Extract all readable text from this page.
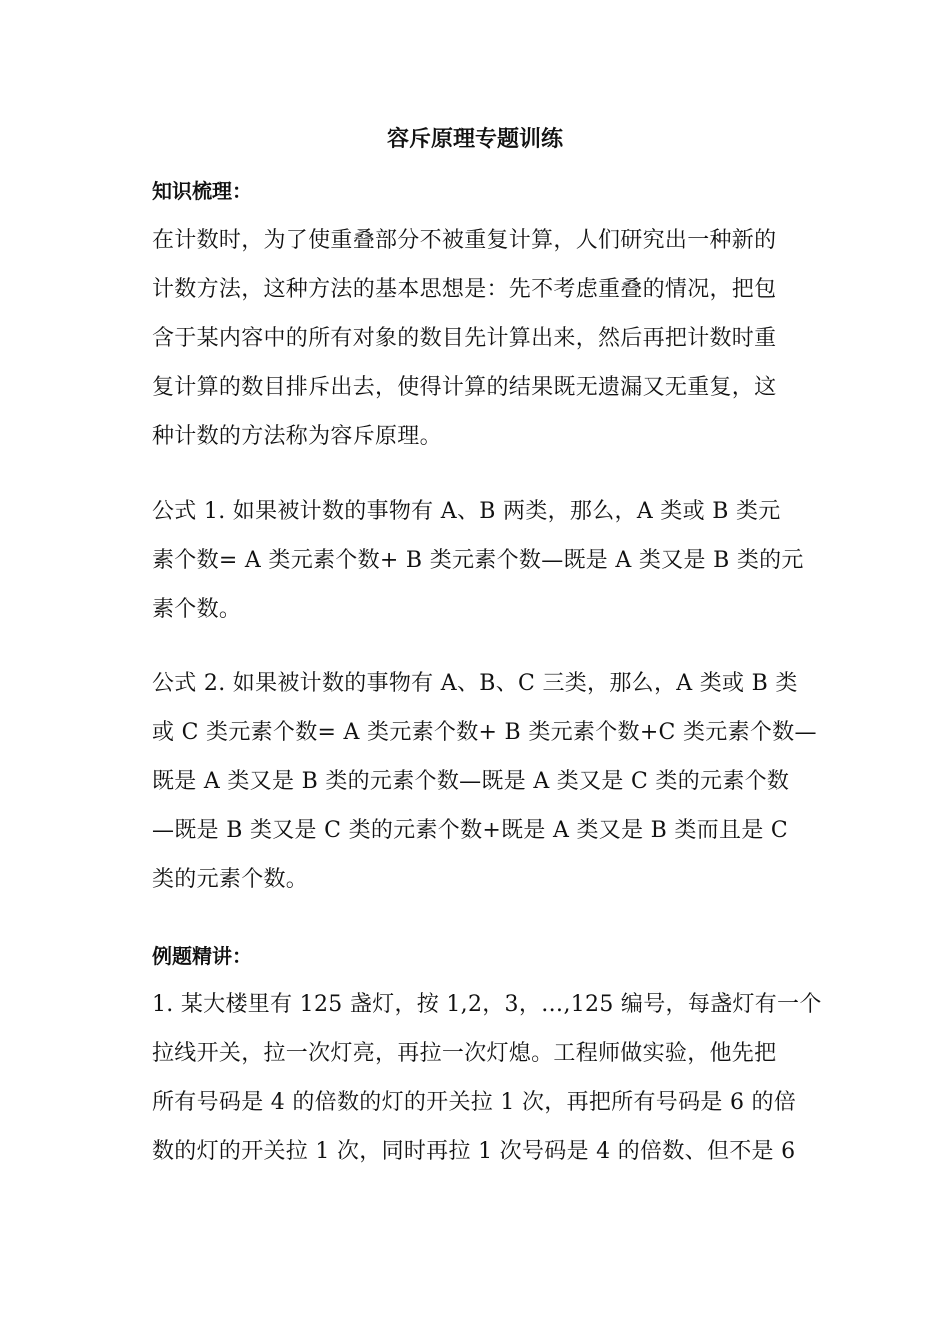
容斥原理专题训练
知识梳理：
在计数时，为了使重叠部分不被重复计算，人们研究出一种新的
计数方法，这种方法的基本思想是：先不考虑重叠的情况，把包
含于某内容中的所有对象的数目先计算出来，然后再把计数时重
复计算的数目排斥出去，使得计算的结果既无遗漏又无重复，这
种计数的方法称为容斥原理。
公式 1. 如果被计数的事物有 A、B 两类，那么，A 类或 B 类元
素个数= A 类元素个数+ B 类元素个数—既是 A 类又是 B 类的元
素个数。
公式 2. 如果被计数的事物有 A、B、C 三类，那么，A 类或 B 类
或 C 类元素个数= A 类元素个数+ B 类元素个数+C 类元素个数—
既是 A 类又是 B 类的元素个数—既是 A 类又是 C 类的元素个数
—既是 B 类又是 C 类的元素个数+既是 A 类又是 B 类而且是 C
类的元素个数。
例题精讲：
1. 某大楼里有 125 盏灯，按 1,2，3，…,125 编号，每盏灯有一个
拉线开关，拉一次灯亮，再拉一次灯熄。工程师做实验，他先把
所有号码是 4 的倍数的灯的开关拉 1 次，再把所有号码是 6 的倍
数的灯的开关拉 1 次，同时再拉 1 次号码是 4 的倍数、但不是 6
